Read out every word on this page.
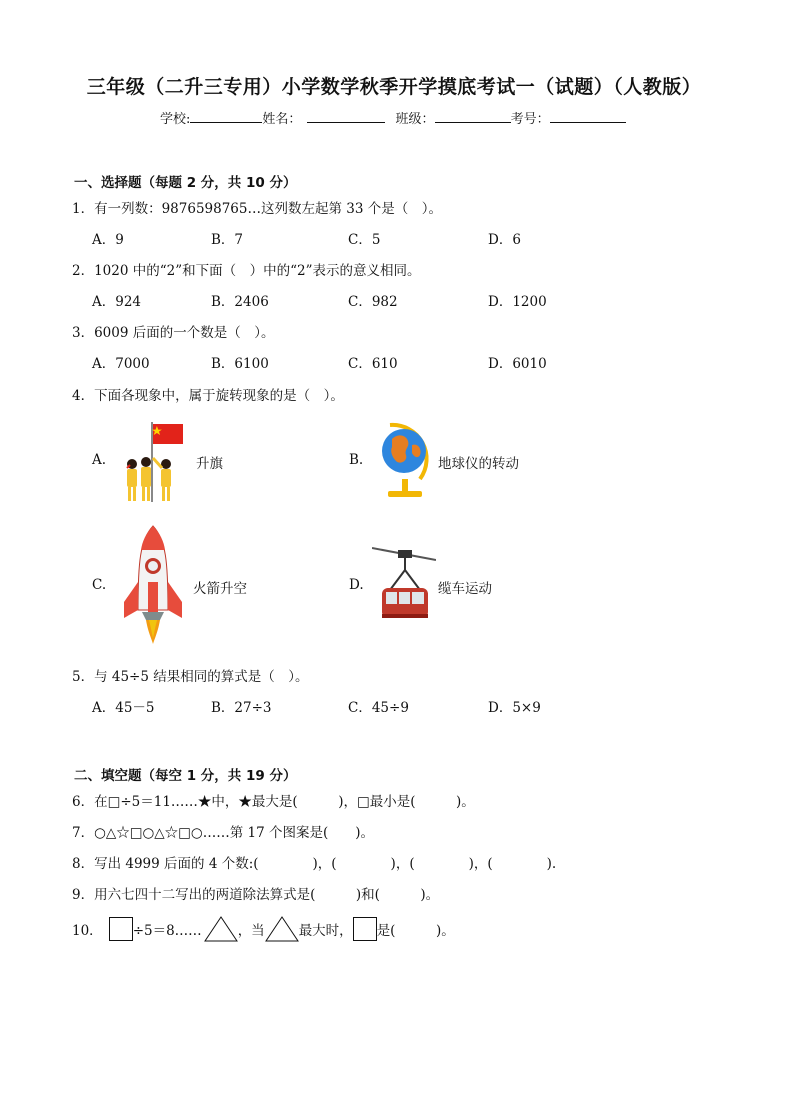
三年级（二升三专用）小学数学秋季开学摸底考试一（试题）（人教版）
学校:	姓名：	班级：	考号：
一、选择题（每题 2 分，共 10 分）
1．有一列数：9876598765…这列数左起第 33 个是（　）。
A．9	B．7	C．5	D．6
2．1020 中的“2”和下面（　）中的“2”表示的意义相同。
A．924	B．2406	C．982	D．1200
3．6009 后面的一个数是（　）。
A．7000	B．6100	C．610	D．6010
4．下面各现象中，属于旋转现象的是（　）。
A.	升旗	B.	地球仪的转动
C.	火箭升空	D.	缆车运动
5．与 45÷5 结果相同的算式是（　）。
A．45－5	B．27÷3	C．45÷9	D．5×9
二、填空题（每空 1 分，共 19 分）
6．在□÷5＝11……★中，★最大是(　　　)，□最小是(　　　)。
7．○△☆□○△☆□○……第 17 个图案是(　　)。
8．写出 4999 后面的 4 个数:(　　　　)，(　　　　)，(　　　　)，(　　　　).
9．用六七四十二写出的两道除法算式是(　　　)和(　　　)。
10． ÷5＝8……	，当	最大时， 是(　　　)。
